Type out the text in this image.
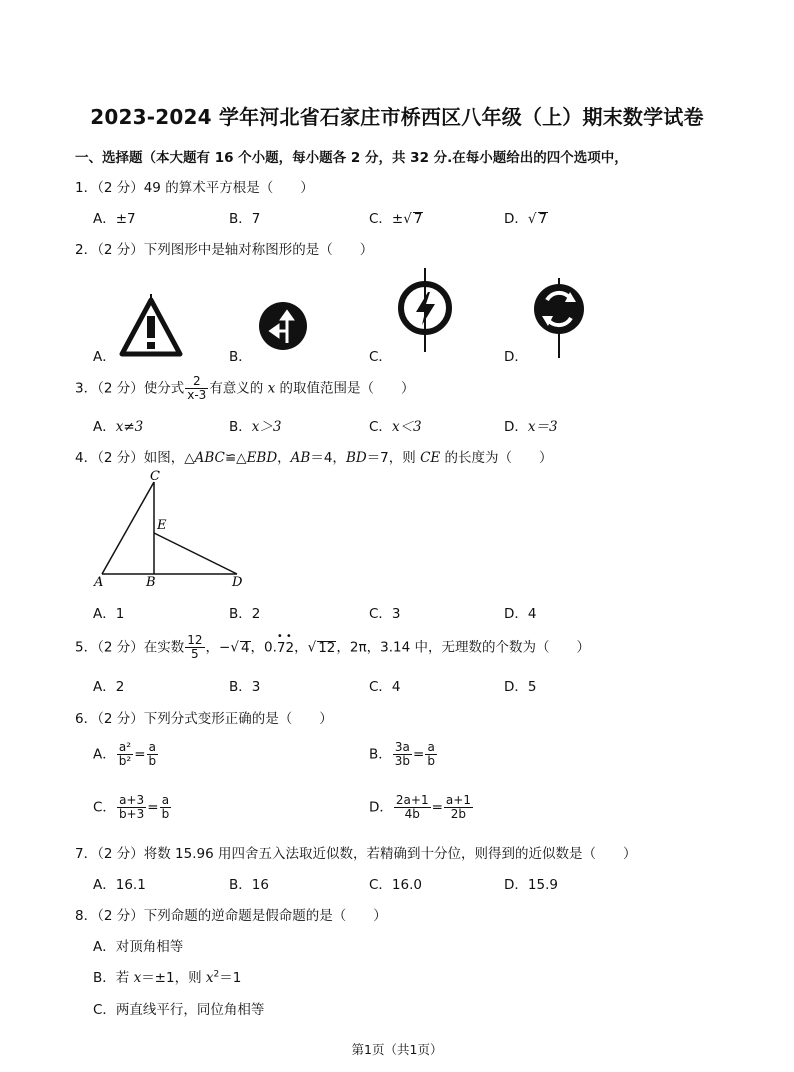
2023-2024 学年河北省石家庄市桥西区八年级（上）期末数学试卷
一、选择题（本大题有 16 个小题，每小题各 2 分，共 32 分.在每小题给出的四个选项中，
1．（2 分）49 的算术平方根是（　　）
A．±7	B．7	C．±√ 7	D．√ 7
2．（2 分）下列图形中是轴对称图形的是（　　）
A．	B．	C．	D．
3．（2 分）使分式 $\frac{2}{x-3}$ 有意义的 x 的取值范围是（　　）
A．x≠3	B．x＞3	C．x＜3	D．x＝3
4．（2 分）如图，△ABC≌△EBD，AB＝4，BD＝7，则 CE 的长度为（　　）
C
E
A	B	D
A．1	B．2	C．3	D．4
5．（2 分）在实数 $\frac{12}{5}$ ，−√ 4，0.
••
72，√ 12，2π，3.14 中，无理数的个数为（　　）
A．2	B．3	C．4	D．5
6．（2 分）下列分式变形正确的是（　　）
A． $\frac{\text{a²}}{\text{b²}} = \frac{a}{b}$	B． $\frac{3a}{3b} = \frac{a}{b}$
C． $\frac{a+3}{b+3} = \frac{a}{b}$	D． $\frac{2a+1}{4b} = \frac{a+1}{2b}$
7．（2 分）将数 15.96 用四舍五入法取近似数，若精确到十分位，则得到的近似数是（　　）
A．16.1	B．16	C．16.0	D．15.9
8．（2 分）下列命题的逆命题是假命题的是（　　）
A．对顶角相等
B．若 x＝±1，则 $x^2=1$
C．两直线平行，同位角相等
第1页（共1页）
